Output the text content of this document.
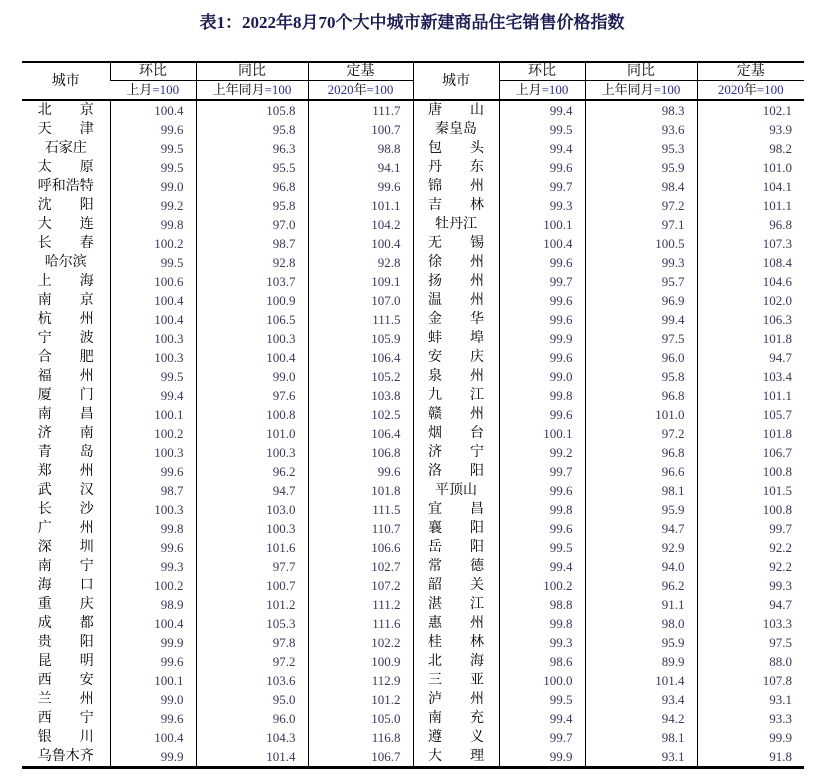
表1：2022年8月70个大中城市新建商品住宅销售价格指数
城市	环比	同比	定基	城市	环比	同比	定基
	上月=100	上年同月=100	2020年=100		上月=100	上年同月=100	2020年=100
北　　京	100.4	105.8	111.7	唐　　山	99.4	98.3	102.1
天　　津	99.6	95.8	100.7	秦皇岛	99.5	93.6	93.9
石家庄	99.5	96.3	98.8	包　　头	99.4	95.3	98.2
太　　原	99.5	95.5	94.1	丹　　东	99.6	95.9	101.0
呼和浩特	99.0	96.8	99.6	锦　　州	99.7	98.4	104.1
沈　　阳	99.2	95.8	101.1	吉　　林	99.3	97.2	101.1
大　　连	99.8	97.0	104.2	牡丹江	100.1	97.1	96.8
长　　春	100.2	98.7	100.4	无　　锡	100.4	100.5	107.3
哈尔滨	99.5	92.8	92.8	徐　　州	99.6	99.3	108.4
上　　海	100.6	103.7	109.1	扬　　州	99.7	95.7	104.6
南　　京	100.4	100.9	107.0	温　　州	99.6	96.9	102.0
杭　　州	100.4	106.5	111.5	金　　华	99.6	99.4	106.3
宁　　波	100.3	100.3	105.9	蚌　　埠	99.9	97.5	101.8
合　　肥	100.3	100.4	106.4	安　　庆	99.6	96.0	94.7
福　　州	99.5	99.0	105.2	泉　　州	99.0	95.8	103.4
厦　　门	99.4	97.6	103.8	九　　江	99.8	96.8	101.1
南　　昌	100.1	100.8	102.5	赣　　州	99.6	101.0	105.7
济　　南	100.2	101.0	106.4	烟　　台	100.1	97.2	101.8
青　　岛	100.3	100.3	106.8	济　　宁	99.2	96.8	106.7
郑　　州	99.6	96.2	99.6	洛　　阳	99.7	96.6	100.8
武　　汉	98.7	94.7	101.8	平顶山	99.6	98.1	101.5
长　　沙	100.3	103.0	111.5	宜　　昌	99.8	95.9	100.8
广　　州	99.8	100.3	110.7	襄　　阳	99.6	94.7	99.7
深　　圳	99.6	101.6	106.6	岳　　阳	99.5	92.9	92.2
南　　宁	99.3	97.7	102.7	常　　德	99.4	94.0	92.2
海　　口	100.2	100.7	107.2	韶　　关	100.2	96.2	99.3
重　　庆	98.9	101.2	111.2	湛　　江	98.8	91.1	94.7
成　　都	100.4	105.3	111.6	惠　　州	99.8	98.0	103.3
贵　　阳	99.9	97.8	102.2	桂　　林	99.3	95.9	97.5
昆　　明	99.6	97.2	100.9	北　　海	98.6	89.9	88.0
西　　安	100.1	103.6	112.9	三　　亚	100.0	101.4	107.8
兰　　州	99.0	95.0	101.2	泸　　州	99.5	93.4	93.1
西　　宁	99.6	96.0	105.0	南　　充	99.4	94.2	93.3
银　　川	100.4	104.3	116.8	遵　　义	99.7	98.1	99.9
乌鲁木齐	99.9	101.4	106.7	大　　理	99.9	93.1	91.8
